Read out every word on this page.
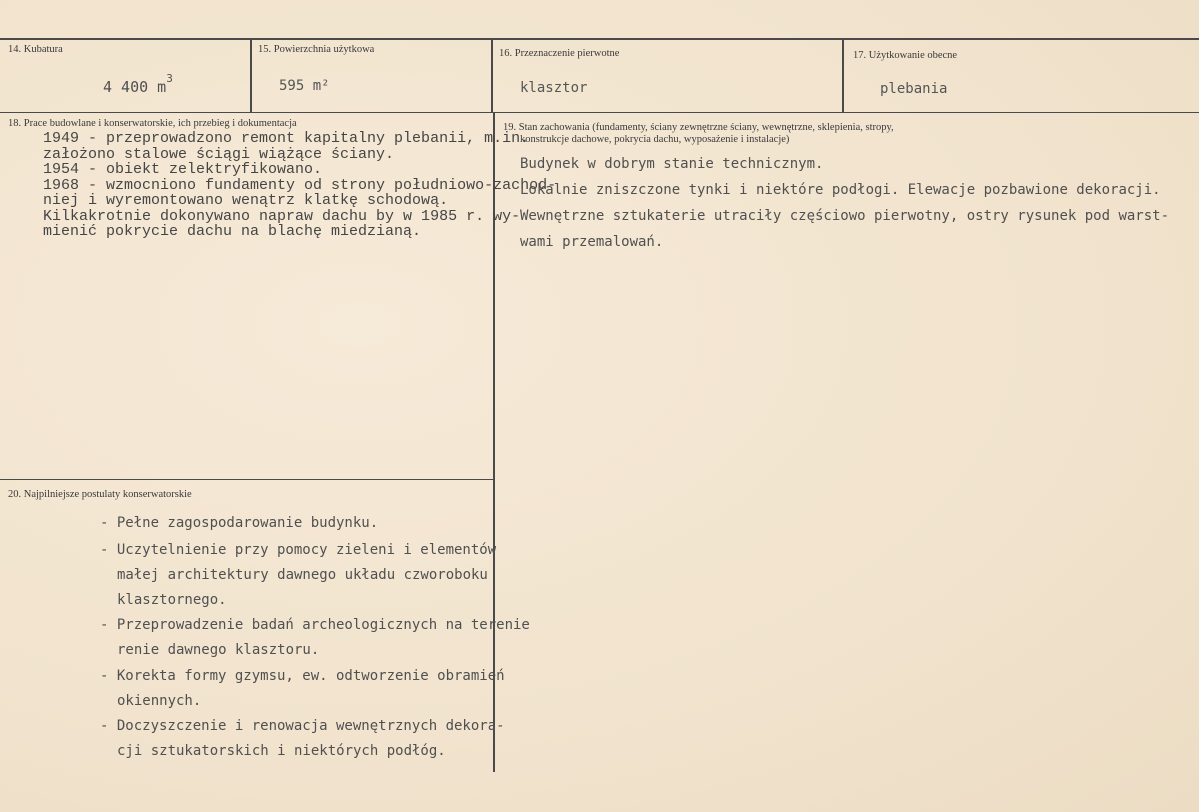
14. Kubatura
4 400 $m^3$
15. Powierzchnia użytkowa
595 m²
16. Przeznaczenie pierwotne
klasztor
17. Użytkowanie obecne
plebania
18. Prace budowlane i konserwatorskie, ich przebieg i dokumentacja
1949 - przeprowadzono remont kapitalny plebanii, m.in.
założono stalowe ściągi wiążące ściany.
1954 - obiekt zelektryfikowano.
1968 - wzmocniono fundamenty od strony południowo-zachod-
niej i wyremontowano wenątrz klatkę schodową.
Kilkakrotnie dokonywano napraw dachu by w 1985 r. wy-
mienić pokrycie dachu na blachę miedzianą.
19. Stan zachowania (fundamenty, ściany zewnętrzne ściany, wewnętrzne, sklepienia, stropy,
konstrukcje dachowe, pokrycia dachu, wyposażenie i instalacje)
Budynek w dobrym stanie technicznym.
Lokalnie zniszczone tynki i niektóre podłogi. Elewacje pozbawione dekoracji.
Wewnętrzne sztukaterie utraciły częściowo pierwotny, ostry rysunek pod warst-
wami przemalowań.
20. Najpilniejsze postulaty konserwatorskie
- Pełne zagospodarowanie budynku.
- Uczytelnienie przy pomocy zieleni i elementów
małej architektury dawnego układu czworoboku
klasztornego.
- Przeprowadzenie badań archeologicznych na terenie
renie dawnego klasztoru.
- Korekta formy gzymsu, ew. odtworzenie obramień
okiennych.
- Doczyszczenie i renowacja wewnętrznych dekora-
cji sztukatorskich i niektórych podłóg.
